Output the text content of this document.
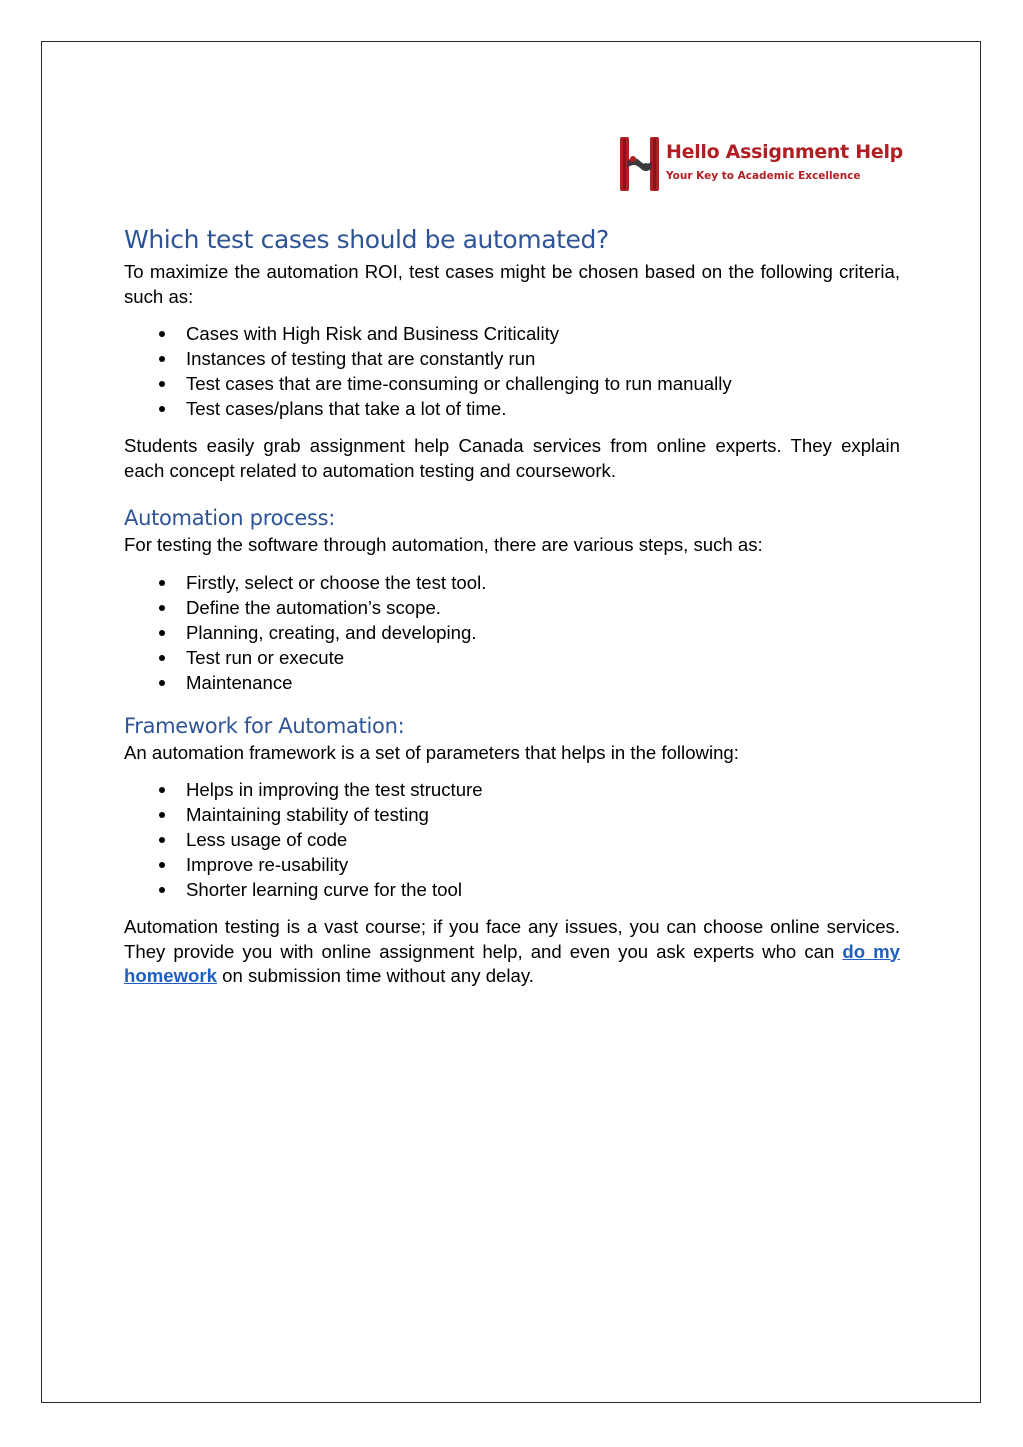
Hello Assignment Help
Your Key to Academic Excellence
Which test cases should be automated?

To maximize the automation ROI, test cases might be chosen based on the following criteria, such as:

Cases with High Risk and Business Criticality
Instances of testing that are constantly run
Test cases that are time-consuming or challenging to run manually
Test cases/plans that take a lot of time.

Students easily grab assignment help Canada services from online experts. They explain each concept related to automation testing and coursework.

Automation process:

For testing the software through automation, there are various steps, such as:

Firstly, select or choose the test tool.
Define the automation’s scope.
Planning, creating, and developing.
Test run or execute
Maintenance
Framework for Automation:

An automation framework is a set of parameters that helps in the following:

Helps in improving the test structure
Maintaining stability of testing
Less usage of code
Improve re-usability
Shorter learning curve for the tool

Automation testing is a vast course; if you face any issues, you can choose online services. They provide you with online assignment help, and even you ask experts who can do my homework on submission time without any delay.
